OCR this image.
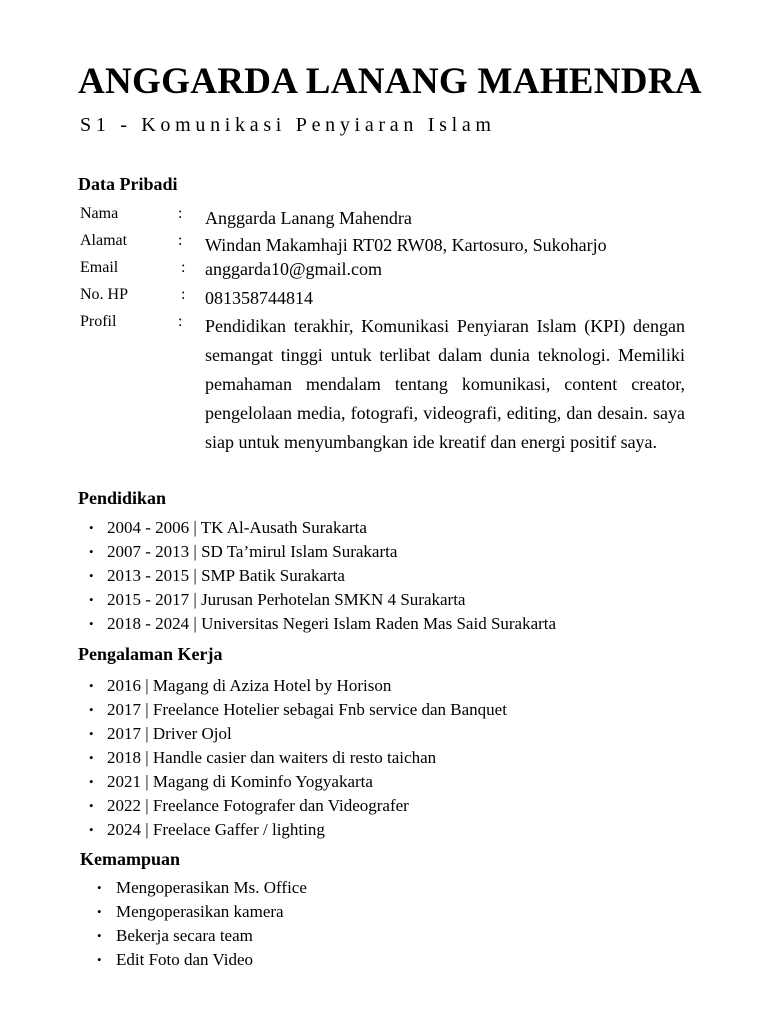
ANGGARDA LANANG MAHENDRA
S1 - Komunikasi Penyiaran Islam
Data Pribadi
Nama	: Anggarda Lanang Mahendra
Alamat	: Windan Makamhaji RT02 RW08, Kartosuro, Sukoharjo
Email	: anggarda10@gmail.com
No. HP	: 081358744814
Profil	: Pendidikan terakhir, Komunikasi Penyiaran Islam (KPI) dengan semangat tinggi untuk terlibat dalam dunia teknologi. Memiliki pemahaman mendalam tentang komunikasi, content creator, pengelolaan media, fotografi, videografi, editing, dan desain. saya siap untuk menyumbangkan ide kreatif dan energi positif saya.

Pendidikan
• 2004 - 2006 | TK Al-Ausath Surakarta
• 2007 - 2013 | SD Ta’mirul Islam Surakarta
• 2013 - 2015 | SMP Batik Surakarta
• 2015 - 2017 | Jurusan Perhotelan SMKN 4 Surakarta
• 2018 - 2024 | Universitas Negeri Islam Raden Mas Said Surakarta
Pengalaman Kerja
• 2016 | Magang di Aziza Hotel by Horison
• 2017 | Freelance Hotelier sebagai Fnb service dan Banquet
• 2017 | Driver Ojol
• 2018 | Handle casier dan waiters di resto taichan
• 2021 | Magang di Kominfo Yogyakarta
• 2022 | Freelance Fotografer dan Videografer
• 2024 | Freelace Gaffer / lighting
Kemampuan
• Mengoperasikan Ms. Office
• Mengoperasikan kamera
• Bekerja secara team
• Edit Foto dan Video
